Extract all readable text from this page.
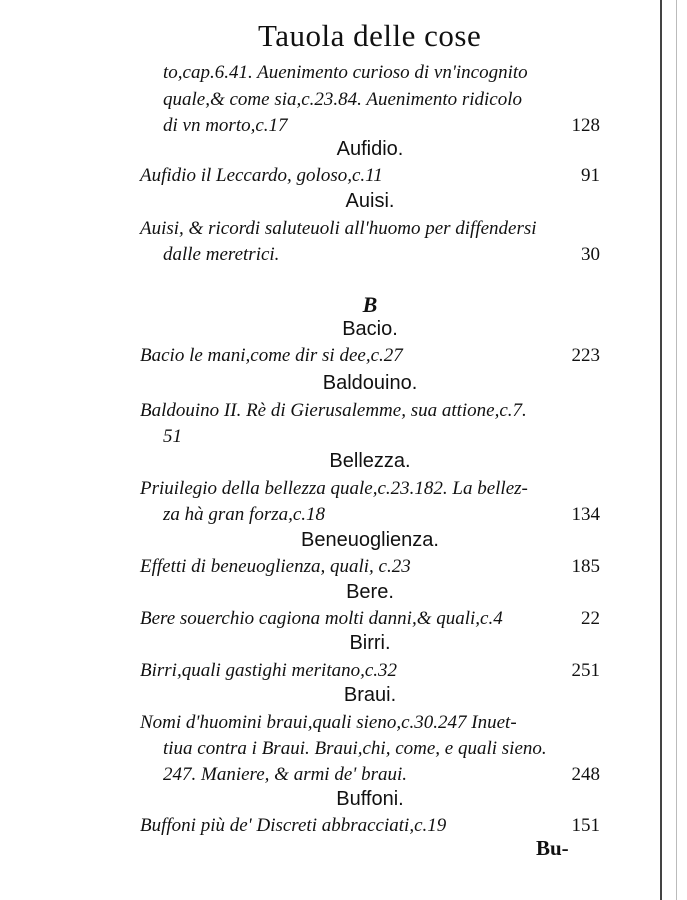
Tauola delle cose
to,cap.6.41. Auenimento curioso di vn'incognito
quale,& come sia,c.23.84. Auenimento ridicolo
di vn morto,c.17	128
Aufidio.
Aufidio il Leccardo, goloso,c.11	91
Auisi.
Auisi, & ricordi saluteuoli all'huomo per diffendersi
dalle meretrici.	30
B
Bacio.
Bacio le mani,come dir si dee,c.27	223
Baldouino.
Baldouino II. Rè di Gierusalemme, sua attione,c.7.
51
Bellezza.
Priuilegio della bellezza quale,c.23.182. La bellez-
za hà gran forza,c.18	134
Beneuoglienza.
Effetti di beneuoglienza, quali, c.23	185
Bere.
Bere souerchio cagiona molti danni,& quali,c.4	22
Birri.
Birri,quali gastighi meritano,c.32	251
Braui.
Nomi d'huomini braui,quali sieno,c.30.247 Inuet-
tiua contra i Braui. Braui,chi, come, e quali sieno.
247. Maniere, & armi de' braui.	248
Buffoni.
Buffoni più de' Discreti abbracciati,c.19	151
Bu-
